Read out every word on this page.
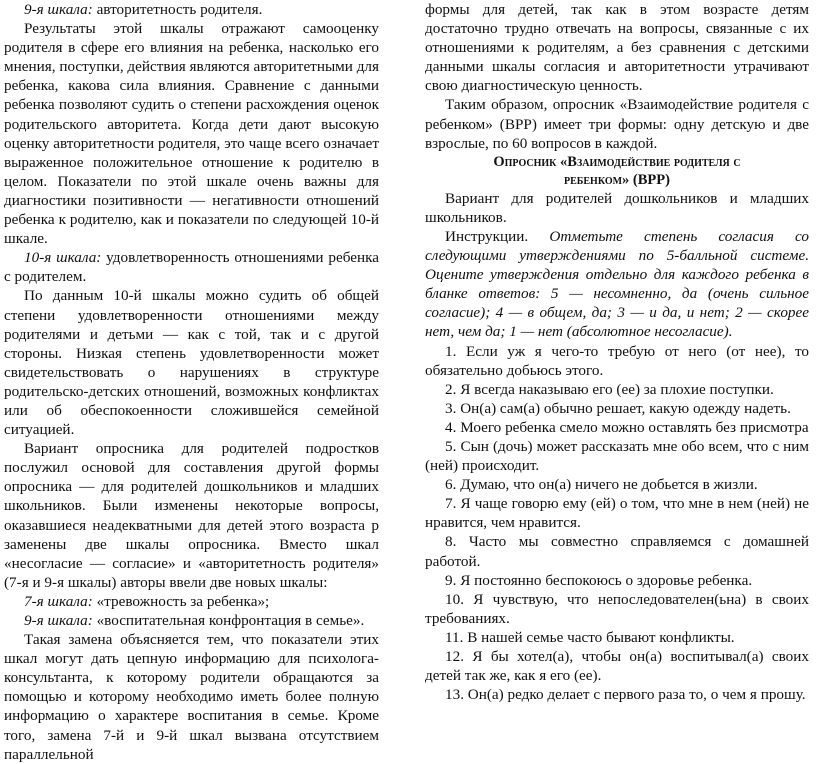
9-я шкала: авторитетность родителя.

Результаты этой шкалы отражают самооценку родителя в сфере его влияния на ребенка, насколько его мнения, поступки, действия являются авторитетными для ребенка, какова сила влияния. Сравнение с данными ребенка позволяют судить о степени расхождения оценок родительского авторитета. Когда дети дают высокую оценку авторитетности родителя, это чаще всего означает выраженное положительное отношение к родителю в целом. Показатели по этой шкале очень важны для диагностики позитивности — негативности отношений ребенка к родителю, как и показатели по следующей 10-й шкале.

10-я шкала: удовлетворенность отношениями ребенка с родителем.

По данным 10-й шкалы можно судить об общей степени удовлетворенности отношениями между родителями и детьми — как с той, так и с другой стороны. Низкая степень удовлетворенности может свидетельствовать о нарушениях в структуре родительско-детских отношений, возможных конфликтах или об обеспокоенности сложившейся семейной ситуацией.

Вариант опросника для родителей подростков послужил основой для составления другой формы опросника — для родителей дошкольников и младших школьников. Были изменены некоторые вопросы, оказавшиеся неадекватными для детей этого возраста p заменены две шкалы опросника. Вместо шкал «несогласие — согласие» и «авторитетность родителя» (7-я и 9-я шкалы) авторы ввели две новых шкалы:

7-я шкала: «тревожность за ребенка»;

9-я шкала: «воспитательная конфронтация в семье».

Такая замена объясняется тем, что показатели этих шкал могут дать цепную информацию для психолога-консультанта, к которому родители обращаются за помощью и которому необходимо иметь более полную информацию о характере воспитания в семье. Кроме того, замена 7-й и 9-й шкал вызвана отсутствием параллельной

формы для детей, так как в этом возрасте детям достаточно трудно отвечать на вопросы, связанные с их отношениями к родителям, а без сравнения с детскими данными шкалы согласия и авторитетности утрачивают свою диагностическую ценность.

Таким образом, опросник «Взаимодействие родителя с ребенком» (ВРР) имеет три формы: одну детскую и две взрослые, по 60 вопросов в каждой.

Опросник «Взаимодействие родителя с
ребенком» (ВРР)

Вариант для родителей дошкольников и младших школьников.

Инструкции. Отметьте степень согласия со следующими утверждениями по 5-балльной системе. Оцените утверждения отдельно для каждого ребенка в бланке ответов: 5 — несомненно, да (очень сильное согласие); 4 — в общем, да; 3 — и да, и нет; 2 — скорее нет, чем да; 1 — нет (абсолютное несогласие).

1. Если уж я чего-то требую от него (от нее), то обязательно добьюсь этого.

2. Я всегда наказываю его (ее) за плохие поступки.

3. Он(а) сам(а) обычно решает, какую одежду надеть.

4. Моего ребенка смело можно оставлять без присмотра

5. Сын (дочь) может рассказать мне обо всем, что с ним (ней) происходит.

6. Думаю, что он(а) ничего не добьется в жизли.

7. Я чаще говорю ему (ей) о том, что мне в нем (ней) не нравится, чем нравится.

8. Часто мы совместно справляемся с домашней работой.

9. Я постоянно беспокоюсь о здоровье ребенка.

10. Я чувствую, что непоследователен(ьна) в своих требованиях.

11. В нашей семье часто бывают конфликты.

12. Я бы хотел(а), чтобы он(а) воспитывал(а) своих детей так же, как я его (ее).

13. Он(а) редко делает с первого раза то, о чем я прошу.
